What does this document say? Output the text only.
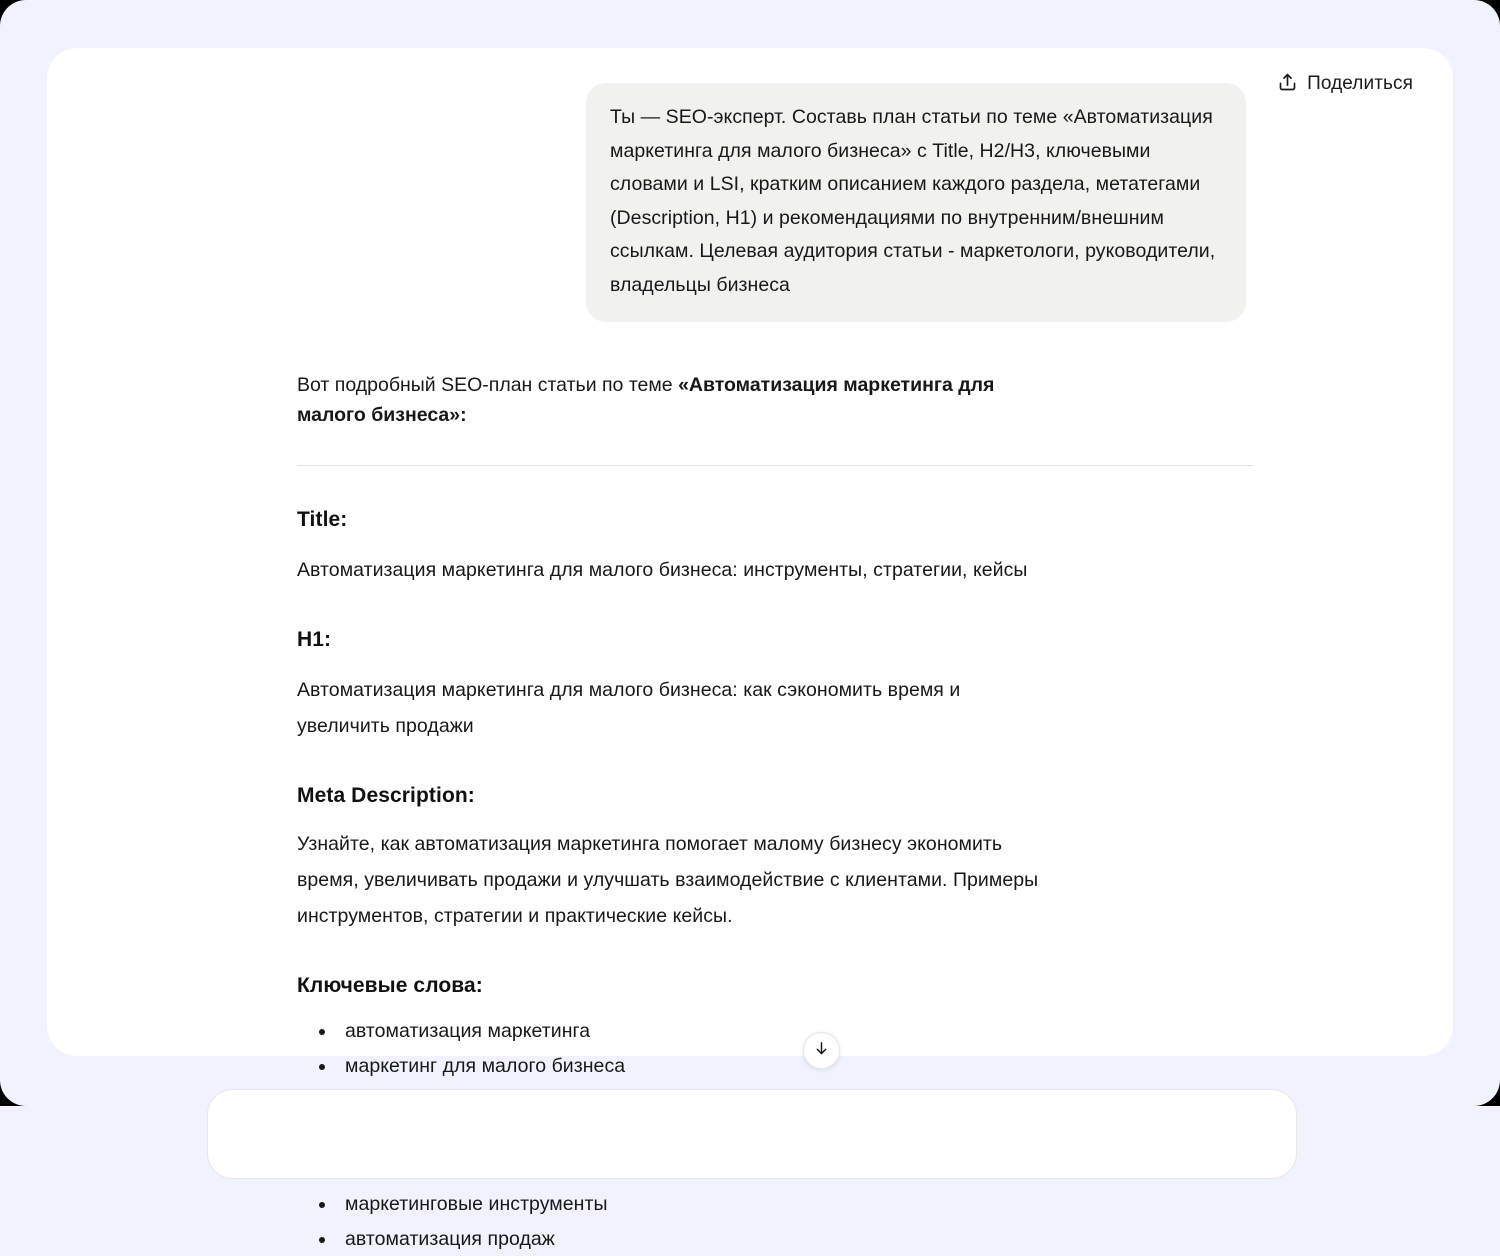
Ты — SEO-эксперт. Составь план статьи по теме «Автоматизация маркетинга для малого бизнеса» с Title, H2/H3, ключевыми словами и LSI, кратким описанием каждого раздела, метатегами (Description, H1) и рекомендациями по внутренним/внешним ссылкам. Целевая аудитория статьи - маркетологи, руководители, владельцы бизнеса

Вот подробный SEO-план статьи по теме «Автоматизация маркетинга для малого бизнеса»:

Title:

Автоматизация маркетинга для малого бизнеса: инструменты, стратегии, кейсы

H1:

Автоматизация маркетинга для малого бизнеса: как сэкономить время и увеличить продажи

Meta Description:

Узнайте, как автоматизация маркетинга помогает малому бизнесу экономить время, увеличивать продажи и улучшать взаимодействие с клиентами. Примеры инструментов, стратегии и практические кейсы.

Ключевые слова:
автоматизация маркетинга
маркетинг для малого бизнеса
маркетинговые инструменты
автоматизация продаж
Поделиться
